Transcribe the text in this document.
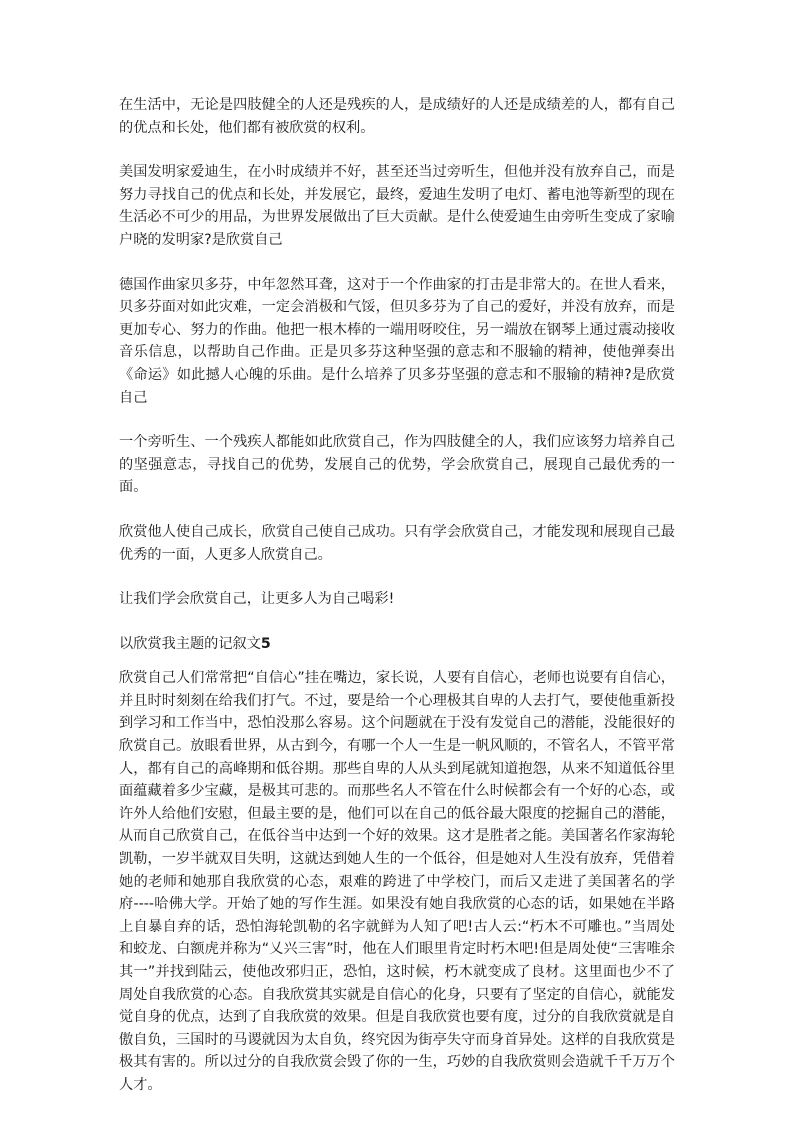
在生活中，无论是四肢健全的人还是残疾的人，是成绩好的人还是成绩差的人，都有自己的优点和长处，他们都有被欣赏的权利。

美国发明家爱迪生，在小时成绩并不好，甚至还当过旁听生，但他并没有放弃自己，而是努力寻找自己的优点和长处，并发展它，最终，爱迪生发明了电灯、蓄电池等新型的现在生活必不可少的用品，为世界发展做出了巨大贡献。是什么使爱迪生由旁听生变成了家喻户晓的发明家?是欣赏自己

德国作曲家贝多芬，中年忽然耳聋，这对于一个作曲家的打击是非常大的。在世人看来，贝多芬面对如此灾难，一定会消极和气馁，但贝多芬为了自己的爱好，并没有放弃，而是更加专心、努力的作曲。他把一根木棒的一端用呀咬住，另一端放在钢琴上通过震动接收音乐信息，以帮助自己作曲。正是贝多芬这种坚强的意志和不服输的精神，使他弹奏出《命运》如此撼人心魄的乐曲。是什么培养了贝多芬坚强的意志和不服输的精神?是欣赏自己

一个旁听生、一个残疾人都能如此欣赏自己，作为四肢健全的人，我们应该努力培养自己的坚强意志，寻找自己的优势，发展自己的优势，学会欣赏自己，展现自己最优秀的一面。

欣赏他人使自己成长，欣赏自己使自己成功。只有学会欣赏自己，才能发现和展现自己最优秀的一面，人更多人欣赏自己。

让我们学会欣赏自己，让更多人为自己喝彩!

以欣赏我主题的记叙文5

欣赏自己人们常常把“自信心”挂在嘴边，家长说，人要有自信心，老师也说要有自信心，并且时时刻刻在给我们打气。不过，要是给一个心理极其自卑的人去打气，要使他重新投到学习和工作当中，恐怕没那么容易。这个问题就在于没有发觉自己的潜能，没能很好的欣赏自己。放眼看世界，从古到今，有哪一个人一生是一帆风顺的，不管名人，不管平常人，都有自己的高峰期和低谷期。那些自卑的人从头到尾就知道抱怨，从来不知道低谷里面蕴藏着多少宝藏，是极其可悲的。而那些名人不管在什么时候都会有一个好的心态，或许外人给他们安慰，但最主要的是，他们可以在自己的低谷最大限度的挖掘自己的潜能，从而自己欣赏自己，在低谷当中达到一个好的效果。这才是胜者之能。美国著名作家海轮凯勒，一岁半就双目失明，这就达到她人生的一个低谷，但是她对人生没有放弃，凭借着她的老师和她那自我欣赏的心态，艰难的跨进了中学校门，而后又走进了美国著名的学府----哈佛大学。开始了她的写作生涯。如果没有她自我欣赏的心态的话，如果她在半路上自暴自弃的话，恐怕海轮凯勒的名字就鲜为人知了吧!古人云:“朽木不可雕也。”当周处和蛟龙、白额虎并称为“乂兴三害”时，他在人们眼里肯定时朽木吧!但是周处使“三害唯余其一”并找到陆云，使他改邪归正，恐怕，这时候，朽木就变成了良材。这里面也少不了周处自我欣赏的心态。自我欣赏其实就是自信心的化身，只要有了坚定的自信心，就能发觉自身的优点，达到了自我欣赏的效果。但是自我欣赏也要有度，过分的自我欣赏就是自傲自负，三国时的马谡就因为太自负，终究因为街亭失守而身首异处。这样的自我欣赏是极其有害的。所以过分的自我欣赏会毁了你的一生，巧妙的自我欣赏则会造就千千万万个人才。
